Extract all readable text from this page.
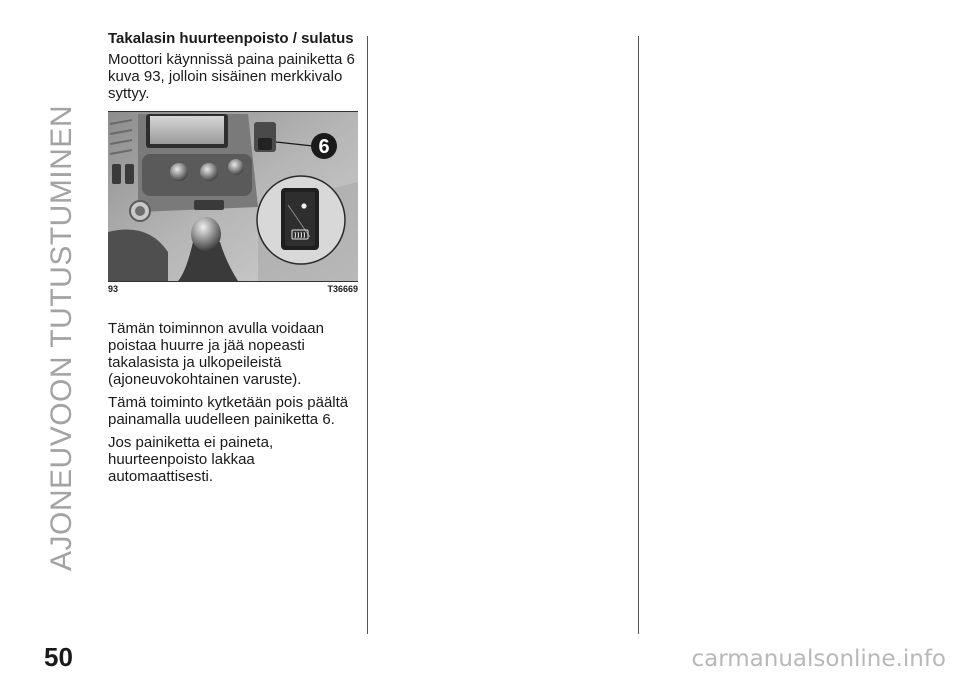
AJONEUVOON TUTUSTUMINEN
Takalasin huurteenpoisto / sulatus

Moottori käynnissä paina painiketta 6 kuva 93, jolloin sisäinen merkkivalo syttyy.

6
93	T36669

Tämän toiminnon avulla voidaan poistaa huurre ja jää nopeasti takalasista ja ulkopeileistä (ajoneuvokohtainen varuste).

Tämä toiminto kytketään pois päältä painamalla uudelleen painiketta 6.

Jos painiketta ei paineta, huurteenpoisto lakkaa automaattisesti.

50	carmanualsonline.info
